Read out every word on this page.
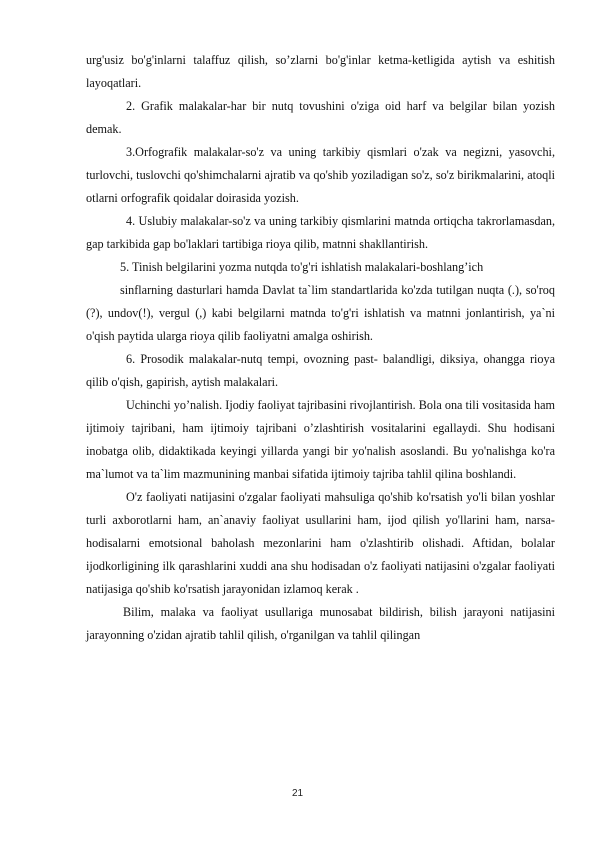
urg'usiz bo'g'inlarni talaffuz qilish, so’zlarni bo'g'inlar ketma-ketligida aytish va eshitish layoqatlari.

2. Grafik malakalar-har bir nutq tovushini o'ziga oid harf va belgilar bilan yozish demak.

3.Orfografik malakalar-so'z va uning tarkibiy qismlari o'zak va negizni, yasovchi, turlovchi, tuslovchi qo'shimchalarni ajratib va qo'shib yoziladigan so'z, so'z birikmalarini, atoqli otlarni orfografik qoidalar doirasida yozish.

4. Uslubiy malakalar-so'z va uning tarkibiy qismlarini matnda ortiqcha takrorlamasdan, gap tarkibida gap bo'laklari tartibiga rioya qilib, matnni shakllantirish.

5. Tinish belgilarini yozma nutqda to'g'ri ishlatish malakalari-boshlang’ich

sinflarning dasturlari hamda Davlat ta`lim standartlarida ko'zda tutilgan nuqta (.), so'roq (?), undov(!), vergul (,) kabi belgilarni matnda to'g'ri ishlatish va matnni jonlantirish, ya`ni o'qish paytida ularga rioya qilib faoliyatni amalga oshirish.

6. Prosodik malakalar-nutq tempi, ovozning past- balandligi, diksiya, ohangga rioya qilib o'qish, gapirish, aytish malakalari.

Uchinchi yo’nalish. Ijodiy faoliyat tajribasini rivojlantirish. Bola ona tili vositasida ham ijtimoiy tajribani, ham ijtimoiy tajribani o’zlashtirish vositalarini egallaydi. Shu hodisani inobatga olib, didaktikada keyingi yillarda yangi bir yo'nalish asoslandi. Bu yo'nalishga ko'ra ma`lumot va ta`lim mazmunining manbai sifatida ijtimoiy tajriba tahlil qilina boshlandi.

O'z faoliyati natijasini o'zgalar faoliyati mahsuliga qo'shib ko'rsatish yo'li bilan yoshlar turli axborotlarni ham, an`anaviy faoliyat usullarini ham, ijod qilish yo'llarini ham, narsa-hodisalarni emotsional baholash mezonlarini ham o'zlashtirib olishadi. Aftidan, bolalar ijodkorligining ilk qarashlarini xuddi ana shu hodisadan o'z faoliyati natijasini o'zgalar faoliyati natijasiga qo'shib ko'rsatish jarayonidan izlamoq kerak .

Bilim, malaka va faoliyat usullariga munosabat bildirish, bilish jarayoni natijasini jarayonning o'zidan ajratib tahlil qilish, o'rganilgan va tahlil qilingan

21
